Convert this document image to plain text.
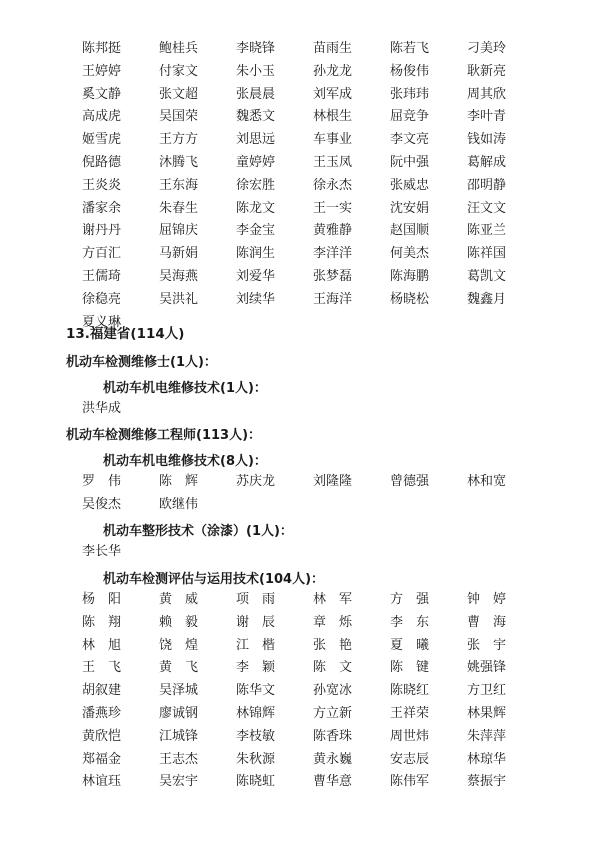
陈邦挺	鲍桂兵	李晓锋	苗雨生	陈若飞	刁美玲
王婷婷	付家文	朱小玉	孙龙龙	杨俊伟	耿新亮
奚文静	张文超	张晨晨	刘军成	张玮玮	周其欣
高成虎	吴国荣	魏悉文	林根生	屈竞争	李叶青
姬雪虎	王方方	刘思远	车事业	李文亮	钱如涛
倪路德	沐腾飞	童婷婷	王玉凤	阮中强	葛解成
王炎炎	王东海	徐宏胜	徐永杰	张威忠	邵明静
潘家余	朱春生	陈龙文	王一实	沈安娟	汪文文
谢丹丹	屈锦庆	李金宝	黄雅静	赵国顺	陈亚兰
方百汇	马新娟	陈润生	李洋洋	何美杰	陈祥国
王儒琦	吴海燕	刘爱华	张梦磊	陈海鹏	葛凯文
徐稳亮	吴洪礼	刘续华	王海洋	杨晓松	魏鑫月
夏义琳
13.福建省(114人)
机动车检测维修士(1人)：
机动车机电维修技术(1人)：
洪华成
机动车检测维修工程师(113人)：
机动车机电维修技术(8人)：
罗　伟	陈　辉	苏庆龙	刘隆隆	曾德强	林和宽
吴俊杰	欧继伟
机动车整形技术（涂漆）(1人)：
李长华
机动车检测评估与运用技术(104人)：
杨　阳	黄　威	项　雨	林　军	方　强	钟　婷
陈　翔	赖　毅	谢　辰	章　烁	李　东	曹　海
林　旭	饶　煌	江　楷	张　艳	夏　曦	张　宇
王　飞	黄　飞	李　颖	陈　文	陈　键	姚强锋
胡叙建	吴泽城	陈华文	孙宽冰	陈晓红	方卫红
潘燕珍	廖诚钢	林锦辉	方立新	王祥荣	林果辉
黄欣恺	江城锋	李枝敏	陈香珠	周世炜	朱萍萍
郑福金	王志杰	朱秋源	黄永巍	安志辰	林琼华
林谊珏	吴宏宇	陈晓虹	曹华意	陈伟军	蔡振宇
